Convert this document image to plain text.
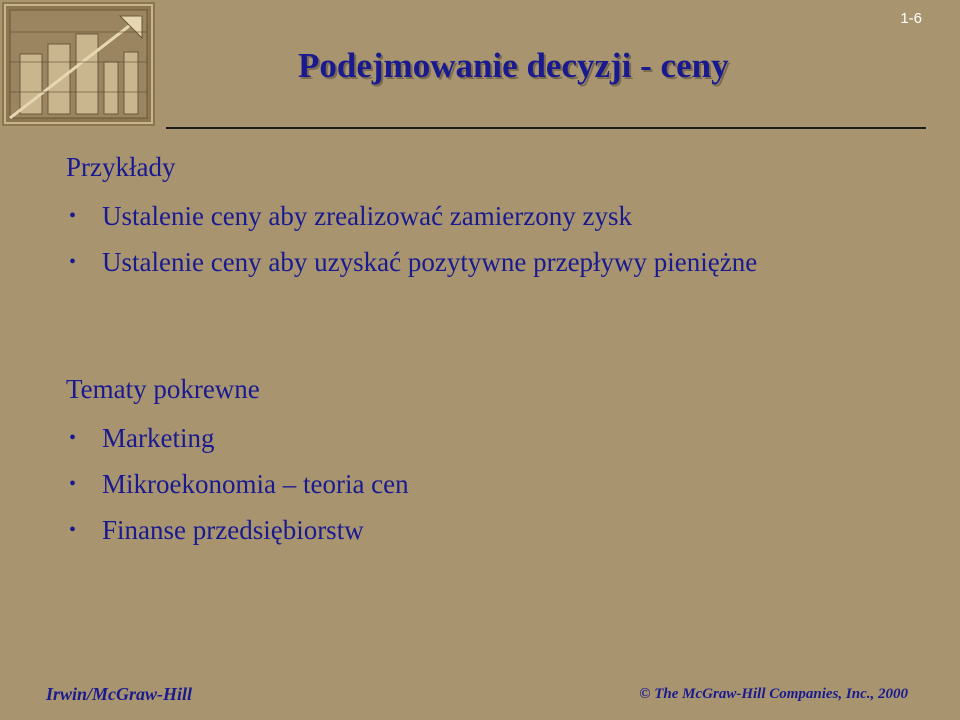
1-6
Podejmowanie decyzji - ceny
Przykłady
• Ustalenie ceny aby zrealizować zamierzony zysk
• Ustalenie ceny aby uzyskać pozytywne przepływy pieniężne
Tematy pokrewne
• Marketing
• Mikroekonomia – teoria cen
• Finanse przedsiębiorstw
Irwin/McGraw-Hill	© The McGraw-Hill Companies, Inc., 2000
